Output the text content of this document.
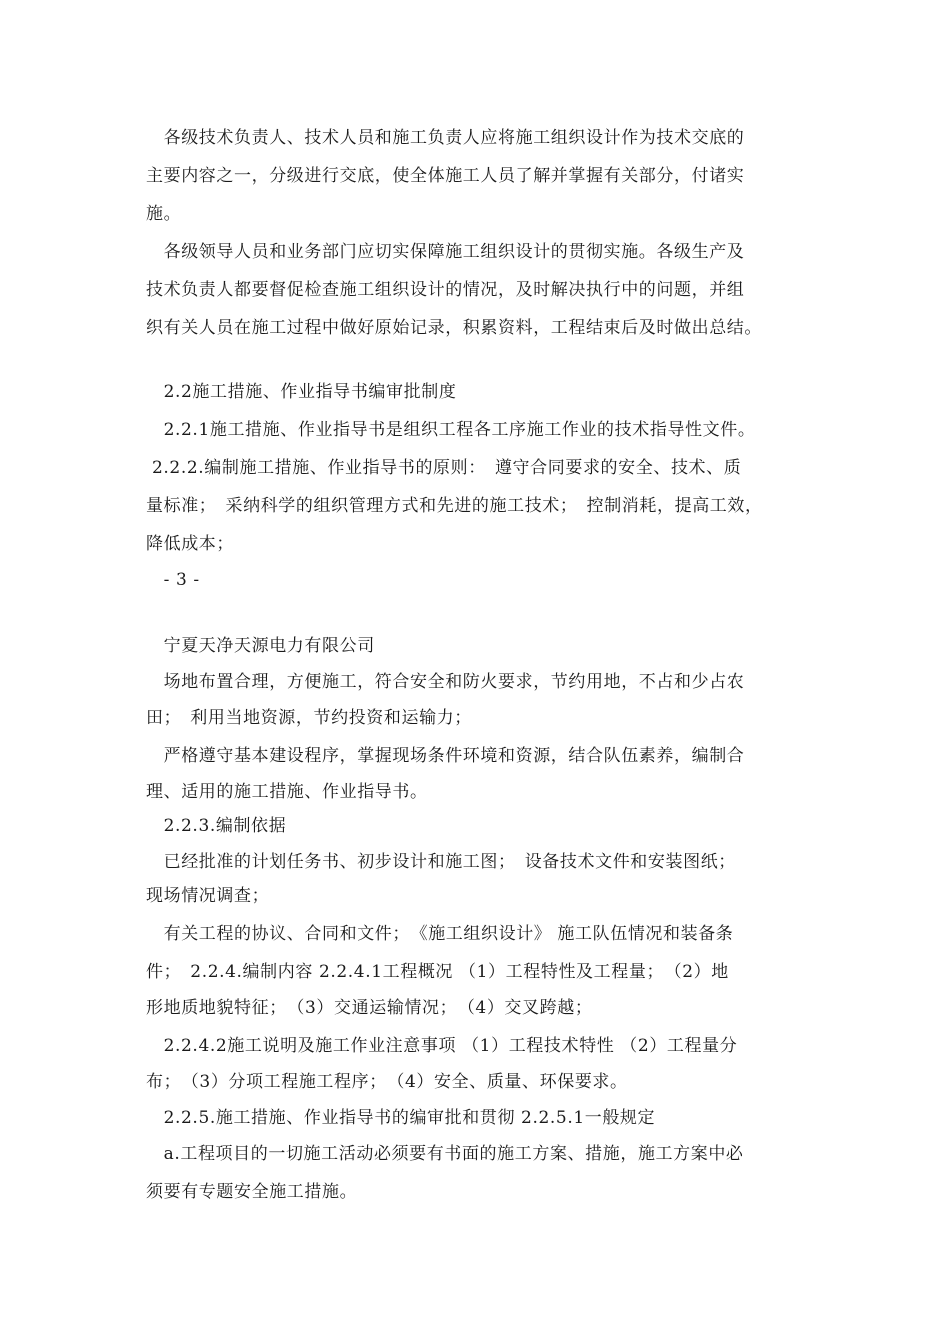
　各级技术负责人、技术人员和施工负责人应将施工组织设计作为技术交底的
主要内容之一，分级进行交底，使全体施工人员了解并掌握有关部分，付诸实
施。
　各级领导人员和业务部门应切实保障施工组织设计的贯彻实施。各级生产及
技术负责人都要督促检查施工组织设计的情况，及时解决执行中的问题，并组
织有关人员在施工过程中做好原始记录，积累资料，工程结束后及时做出总结。
　2.2施工措施、作业指导书编审批制度
　2.2.1施工措施、作业指导书是组织工程各工序施工作业的技术指导性文件。
2.2.2.编制施工措施、作业指导书的原则：　遵守合同要求的安全、技术、质
量标准；　采纳科学的组织管理方式和先进的施工技术；　控制消耗，提高工效，
降低成本；
　- 3 -
　宁夏天净天源电力有限公司
　场地布置合理，方便施工，符合安全和防火要求，节约用地，不占和少占农
田；　利用当地资源，节约投资和运输力；
　严格遵守基本建设程序，掌握现场条件环境和资源，结合队伍素养，编制合
理、适用的施工措施、作业指导书。
　2.2.3.编制依据
　已经批准的计划任务书、初步设计和施工图；　设备技术文件和安装图纸；
现场情况调查；
　有关工程的协议、合同和文件；　《施工组织设计》 施工队伍情况和装备条
件；　2.2.4.编制内容 2.2.4.1工程概况 （1）工程特性及工程量；　（2）地
形地质地貌特征；　（3）交通运输情况；　（4）交叉跨越；
　2.2.4.2施工说明及施工作业注意事项 （1）工程技术特性 （2）工程量分
布；　（3）分项工程施工程序；　（4）安全、质量、环保要求。
　2.2.5.施工措施、作业指导书的编审批和贯彻 2.2.5.1一般规定
　a.工程项目的一切施工活动必须要有书面的施工方案、措施，施工方案中必
须要有专题安全施工措施。
